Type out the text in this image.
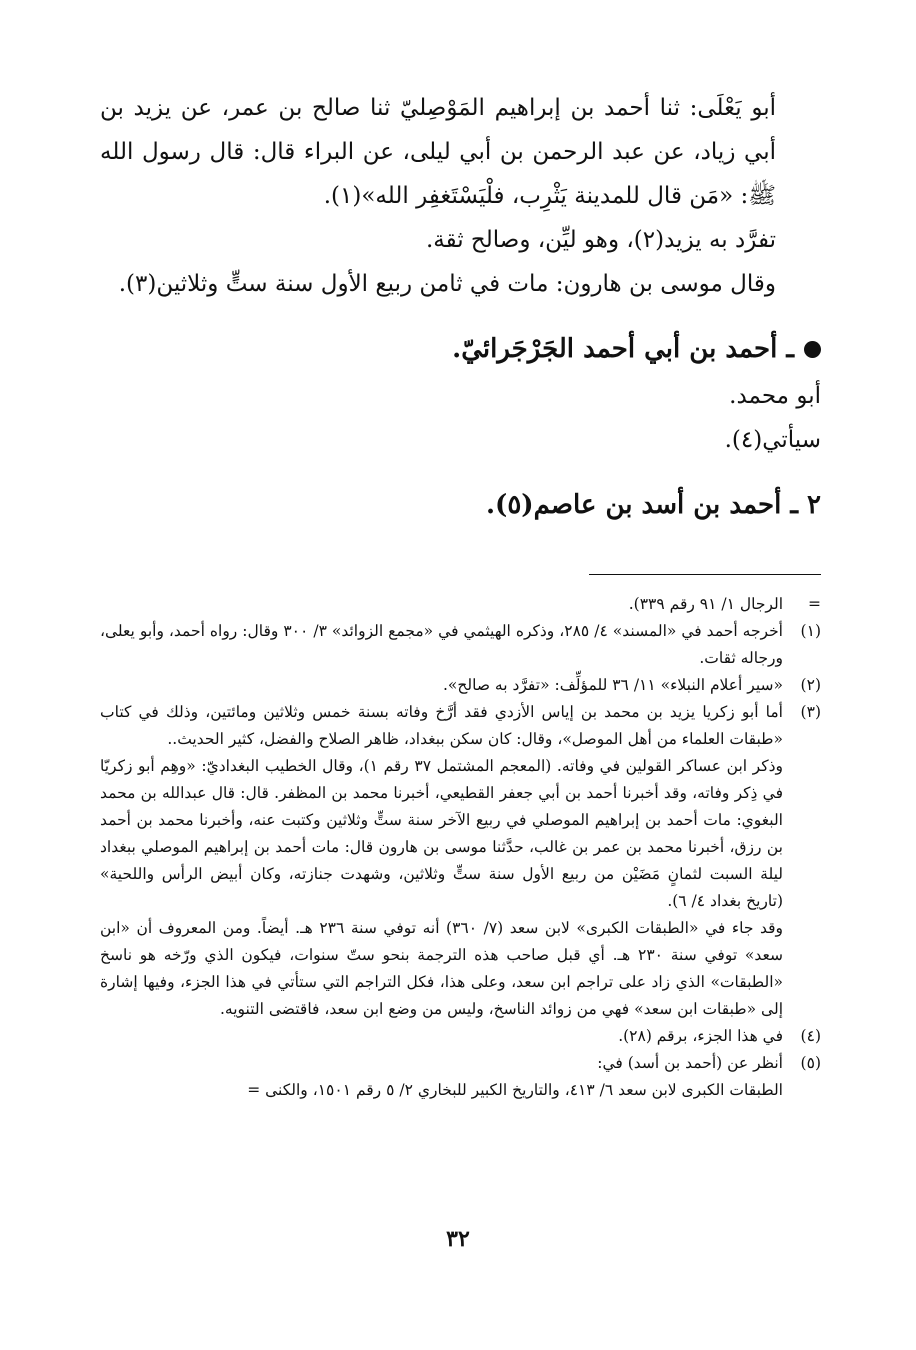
أبو يَعْلَى: ثنا أحمد بن إبراهيم المَوْصِليّ ثنا صالح بن عمر، عن يزيد بن أبي زياد، عن عبد الرحمن بن أبي ليلى، عن البراء قال: قال رسول الله ﷺ: «مَن قال للمدينة يَثْرِب، فلْيَسْتَغفِر الله»(١).

تفرَّد به يزيد(٢)، وهو ليِّن، وصالح ثقة.

وقال موسى بن هارون: مات في ثامن ربيع الأول سنة ستٍّ وثلاثين(٣).

ـ أحمد بن أبي أحمد الجَرْجَرائيّ.

أبو محمد.

سيأتي(٤).

٢ ـ أحمد بن أسد بن عاصم(٥).
=

الرجال ١/ ٩١ رقم ٣٣٩).

(١)

أخرجه أحمد في «المسند» ٤/ ٢٨٥، وذكره الهيثمي في «مجمع الزوائد» ٣/ ٣٠٠ وقال: رواه أحمد، وأبو يعلى، ورجاله ثقات.

(٢)

«سير أعلام النبلاء» ١١/ ٣٦ للمؤلِّف: «تفرَّد به صالح».

(٣)

أما أبو زكريا يزيد بن محمد بن إياس الأزدي فقد أرَّخ وفاته بسنة خمس وثلاثين ومائتين، وذلك في كتاب «طبقات العلماء من أهل الموصل»، وقال: كان سكن ببغداد، ظاهر الصلاح والفضل، كثير الحديث..

وذكر ابن عساكر القولين في وفاته. (المعجم المشتمل ٣٧ رقم ١)، وقال الخطيب البغداديّ: «وهِم أبو زكريّا في ذِكر وفاته، وقد أخبرنا أحمد بن أبي جعفر القطيعي، أخبرنا محمد بن المظفر. قال: قال عبدالله بن محمد البغوي: مات أحمد بن إبراهيم الموصلي في ربيع الآخر سنة ستٍّ وثلاثين وكتبت عنه، وأخبرنا محمد بن أحمد بن رزق، أخبرنا محمد بن عمر بن غالب، حدَّثنا موسى بن هارون قال: مات أحمد بن إبراهيم الموصلي ببغداد ليلة السبت لثمانٍ مَضَيْن من ربيع الأول سنة ستٍّ وثلاثين، وشهدت جنازته، وكان أبيض الرأس واللحية» (تاريخ بغداد ٤/ ٦).

وقد جاء في «الطبقات الكبرى» لابن سعد (٧/ ٣٦٠) أنه توفي سنة ٢٣٦ هـ. أيضاً. ومن المعروف أن «ابن سعد» توفي سنة ٢٣٠ هـ. أي قبل صاحب هذه الترجمة بنحو ستّ سنوات، فيكون الذي ورّخه هو ناسخ «الطبقات» الذي زاد على تراجم ابن سعد، وعلى هذا، فكل التراجم التي ستأتي في هذا الجزء، وفيها إشارة إلى «طبقات ابن سعد» فهي من زوائد الناسخ، وليس من وضع ابن سعد، فاقتضى التنويه.

(٤)

في هذا الجزء، برقم (٢٨).

(٥)

أنظر عن (أحمد بن أسد) في:

الطبقات الكبرى لابن سعد ٦/ ٤١٣، والتاريخ الكبير للبخاري ٢/ ٥ رقم ١٥٠١، والكنى =

٣٢
